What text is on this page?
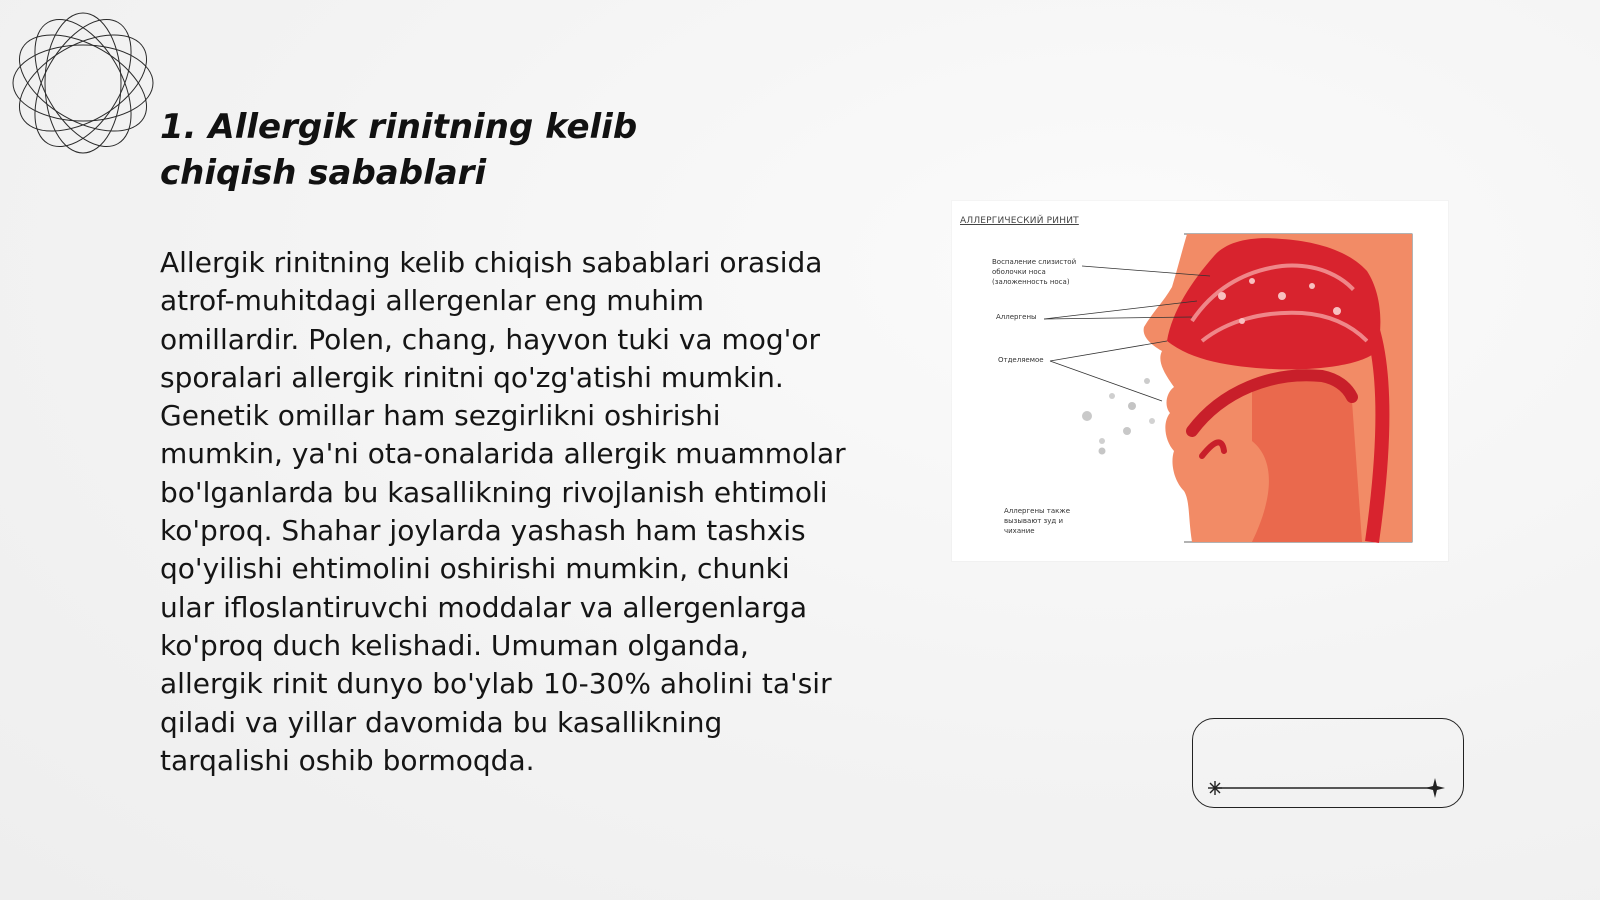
1. Allergik rinitning kelib chiqish sabablari

Allergik rinitning kelib chiqish sabablari orasida atrof-muhitdagi allergenlar eng muhim omillardir. Polen, chang, hayvon tuki va mog'or sporalari allergik rinitni qo'zg'atishi mumkin. Genetik omillar ham sezgirlikni oshirishi mumkin, ya'ni ota-onalarida allergik muammolar bo'lganlarda bu kasallikning rivojlanish ehtimoli ko'proq. Shahar joylarda yashash ham tashxis qo'yilishi ehtimolini oshirishi mumkin, chunki ular ifloslantiruvchi moddalar va allergenlarga ko'proq duch kelishadi. Umuman olganda, allergik rinit dunyo bo'ylab 10-30% aholini ta'sir qiladi va yillar davomida bu kasallikning tarqalishi oshib bormoqda.

АЛЛЕРГИЧЕСКИЙ РИНИТ
Воспаление слизистой оболочки носа (заложенность носа)
Аллергены
Отделяемое
Аллергены также вызывают зуд и чихание
